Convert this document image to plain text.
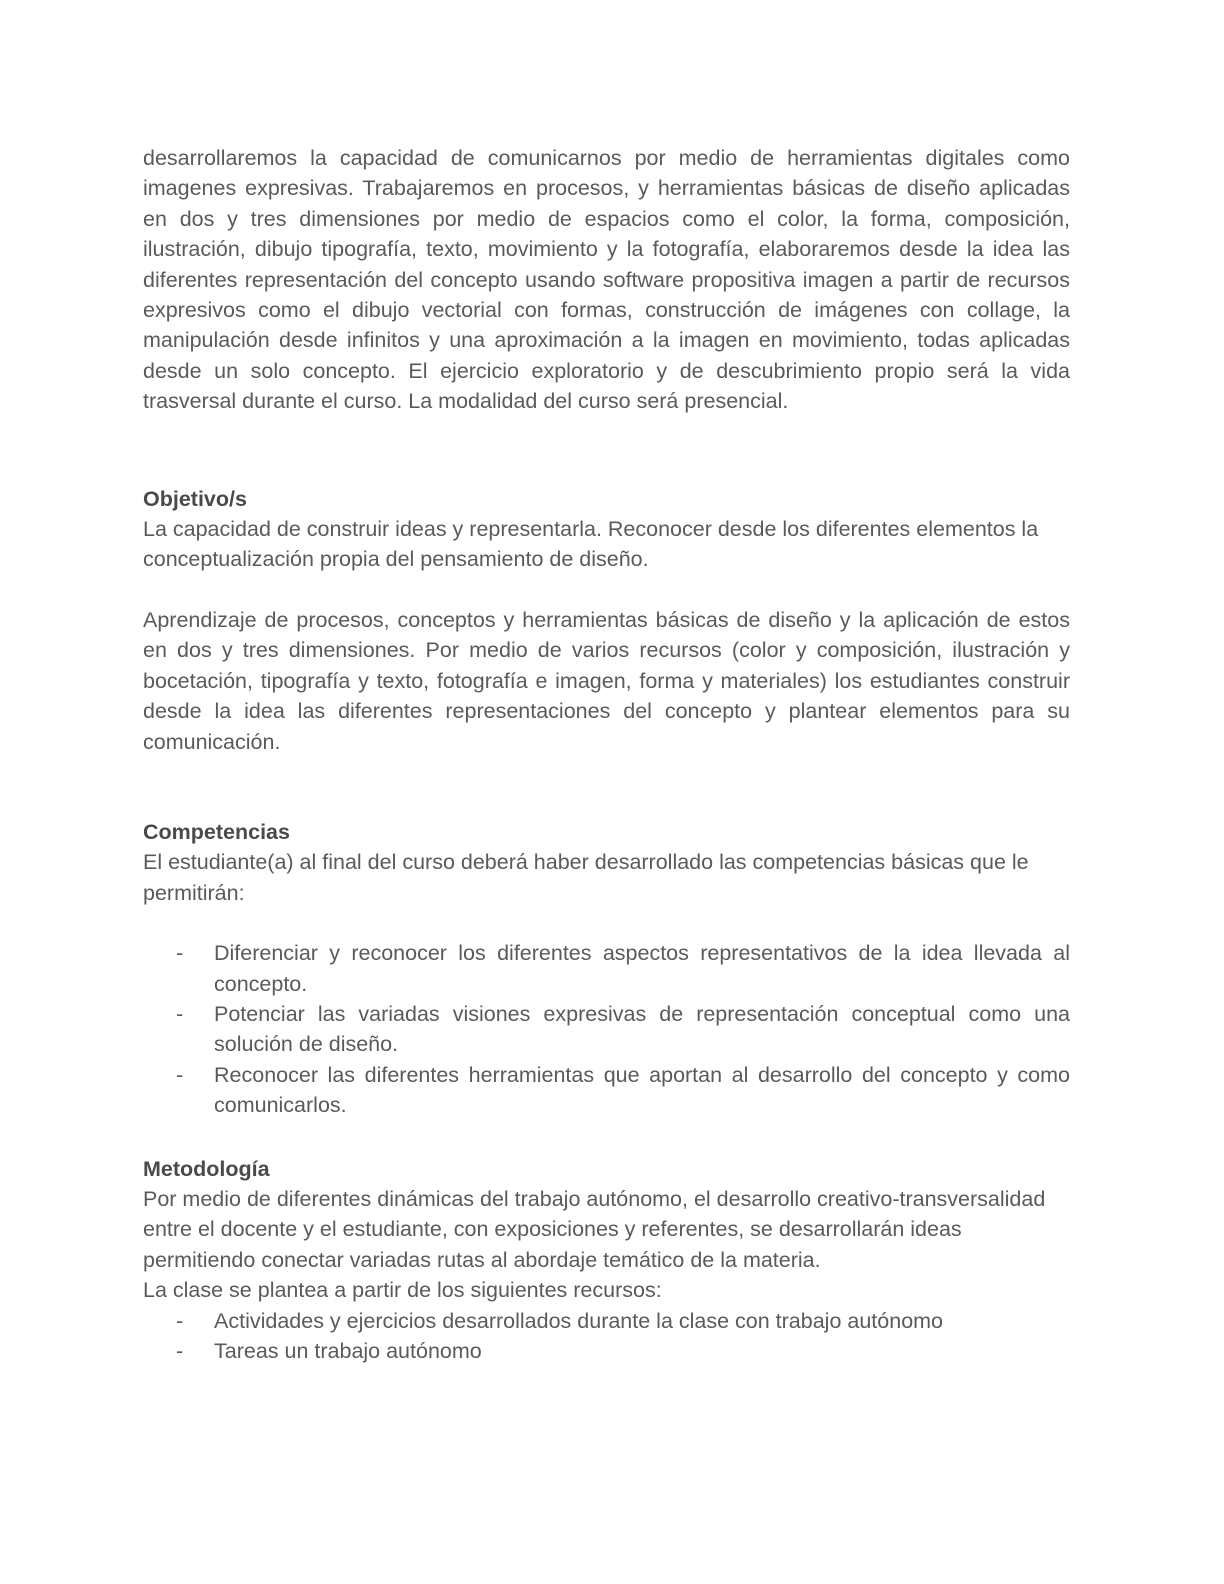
desarrollaremos la capacidad de comunicarnos por medio de herramientas digitales como imagenes expresivas. Trabajaremos en procesos, y herramientas básicas de diseño aplicadas en dos y tres dimensiones por medio de espacios como el color, la forma, composición, ilustración, dibujo tipografía, texto, movimiento y la fotografía, elaboraremos desde la idea las diferentes representación del concepto usando software propositiva imagen a partir de recursos expresivos como el dibujo vectorial con formas, construcción de imágenes con collage, la manipulación desde infinitos y una aproximación a la imagen en movimiento, todas aplicadas desde un solo concepto. El ejercicio exploratorio y de descubrimiento propio será la vida trasversal durante el curso. La modalidad del curso será presencial.

Objetivo/s

La capacidad de construir ideas y representarla. Reconocer desde los diferentes elementos la conceptualización propia del pensamiento de diseño.

Aprendizaje de procesos, conceptos y herramientas básicas de diseño y la aplicación de estos en dos y tres dimensiones. Por medio de varios recursos (color y composición, ilustración y bocetación, tipografía y texto, fotografía e imagen, forma y materiales) los estudiantes construir desde la idea las diferentes representaciones del concepto y plantear elementos para su comunicación.

Competencias

El estudiante(a) al final del curso deberá haber desarrollado las competencias básicas que le permitirán:

- Diferenciar y reconocer los diferentes aspectos representativos de la idea llevada al concepto.
- Potenciar las variadas visiones expresivas de representación conceptual como una solución de diseño.
- Reconocer las diferentes herramientas que aportan al desarrollo del concepto y como comunicarlos.

Metodología

Por medio de diferentes dinámicas del trabajo autónomo, el desarrollo creativo-transversalidad entre el docente y el estudiante, con exposiciones y referentes, se desarrollarán ideas permitiendo conectar variadas rutas al abordaje temático de la materia.

La clase se plantea a partir de los siguientes recursos:

- Actividades y ejercicios desarrollados durante la clase con trabajo autónomo
- Tareas un trabajo autónomo
